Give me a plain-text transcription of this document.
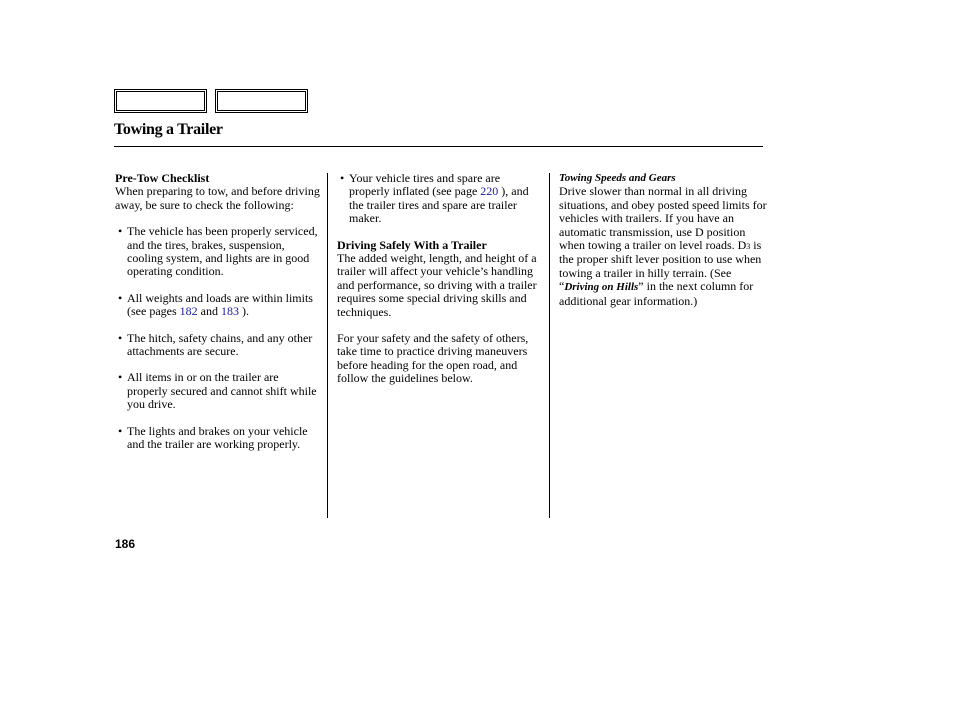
Towing a Trailer

Pre-Tow Checklist

When preparing to tow, and before driving away, be sure to check the following:

• The vehicle has been properly serviced, and the tires, brakes, suspension, cooling system, and lights are in good operating condition.
• All weights and loads are within limits (see pages 182 and 183 ).
• The hitch, safety chains, and any other attachments are secure.
• All items in or on the trailer are properly secured and cannot shift while you drive.
• The lights and brakes on your vehicle and the trailer are working properly.
• Your vehicle tires and spare are properly inflated (see page 220 ), and the trailer tires and spare are trailer maker.

Driving Safely With a Trailer

The added weight, length, and height of a trailer will affect your vehicle’s handling and performance, so driving with a trailer requires some special driving skills and techniques.

For your safety and the safety of others, take time to practice driving maneuvers before heading for the open road, and follow the guidelines below.

Towing Speeds and Gears

Drive slower than normal in all driving situations, and obey posted speed limits for vehicles with trailers. If you have an automatic transmission, use D position when towing a trailer on level roads. D3 is the proper shift lever position to use when towing a trailer in hilly terrain. (See “Driving on Hills” in the next column for additional gear information.)

186
